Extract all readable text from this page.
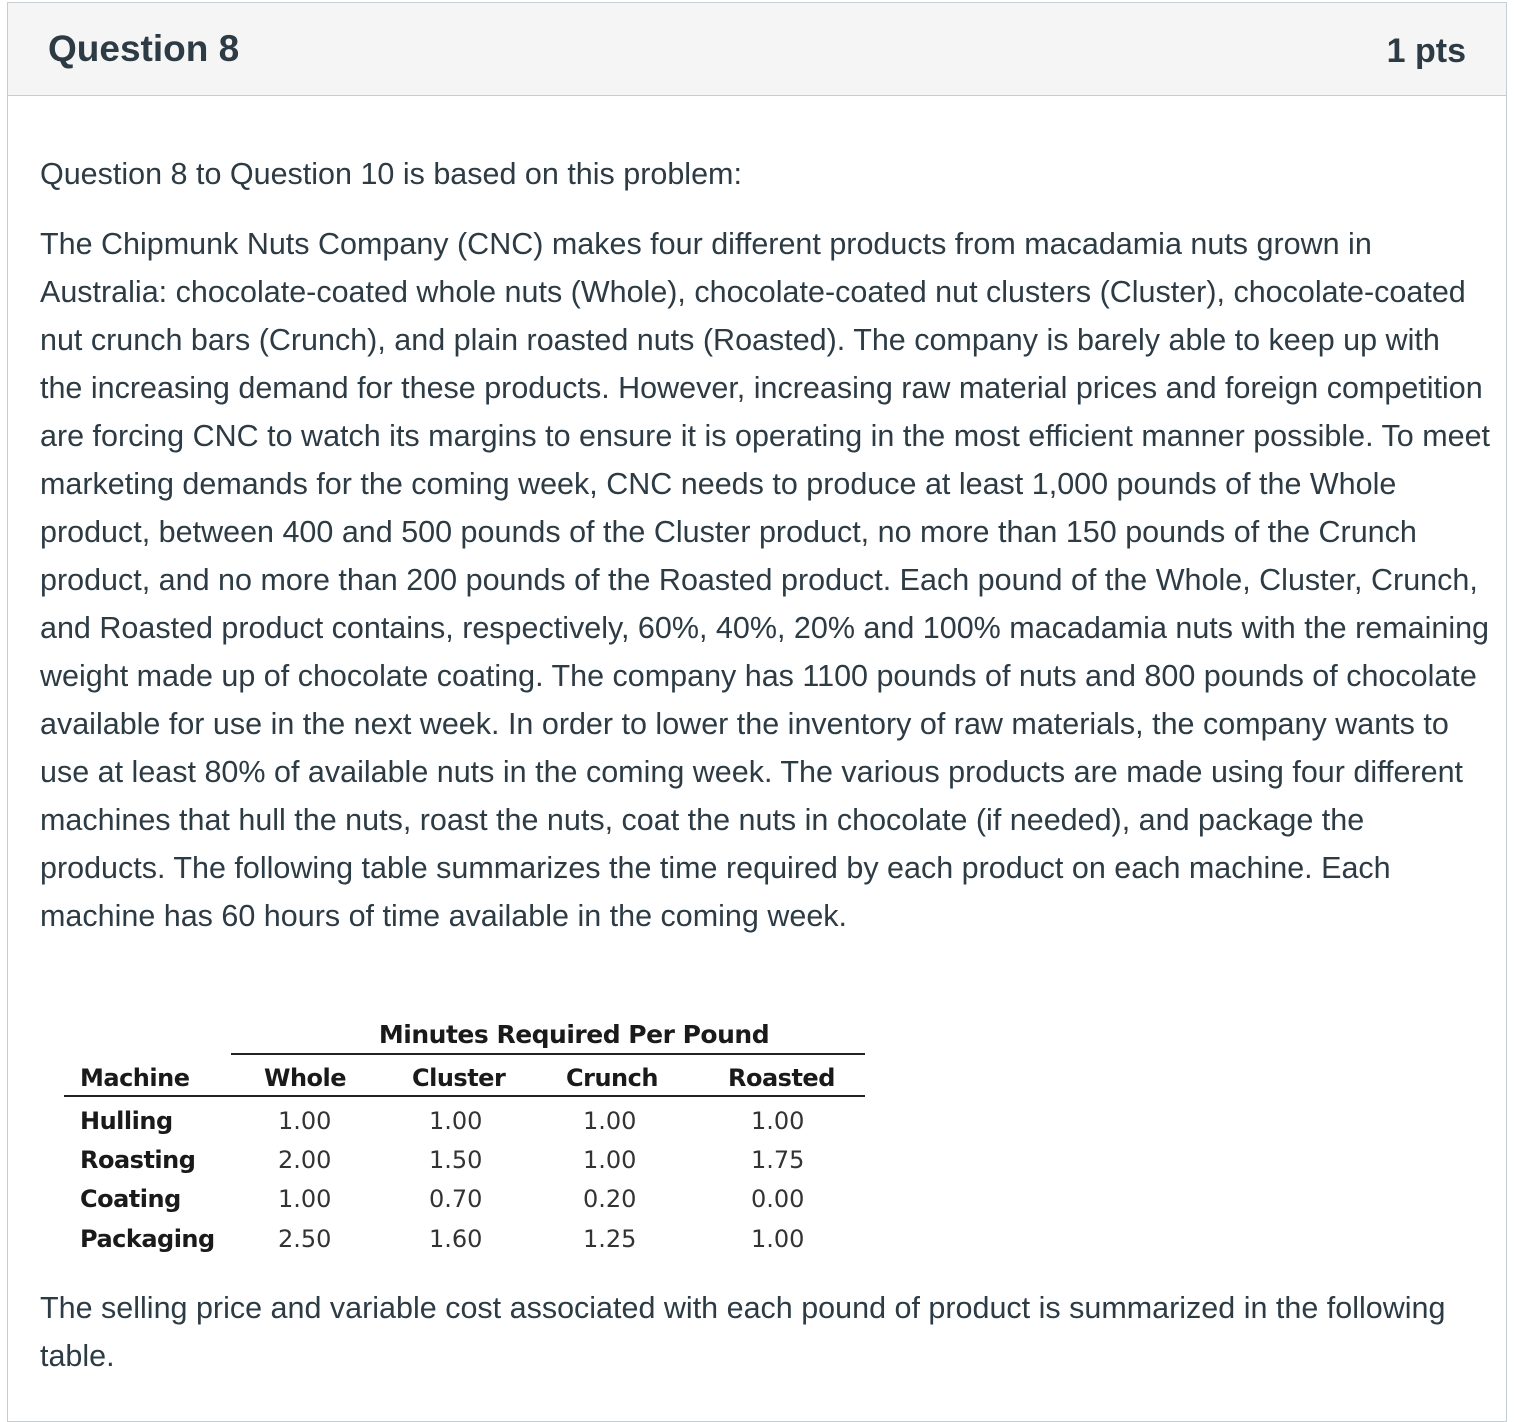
Question 8	1 pts

Question 8 to Question 10 is based on this problem:

The Chipmunk Nuts Company (CNC) makes four different products from macadamia nuts grown in Australia: chocolate-coated whole nuts (Whole), chocolate-coated nut clusters (Cluster), chocolate-coated nut crunch bars (Crunch), and plain roasted nuts (Roasted). The company is barely able to keep up with the increasing demand for these products. However, increasing raw material prices and foreign competition are forcing CNC to watch its margins to ensure it is operating in the most efficient manner possible. To meet marketing demands for the coming week, CNC needs to produce at least 1,000 pounds of the Whole product, between 400 and 500 pounds of the Cluster product, no more than 150 pounds of the Crunch product, and no more than 200 pounds of the Roasted product. Each pound of the Whole, Cluster, Crunch, and Roasted product contains, respectively, 60%, 40%, 20% and 100% macadamia nuts with the remaining weight made up of chocolate coating. The company has 1100 pounds of nuts and 800 pounds of chocolate available for use in the next week. In order to lower the inventory of raw materials, the company wants to use at least 80% of available nuts in the coming week. The various products are made using four different machines that hull the nuts, roast the nuts, coat the nuts in chocolate (if needed), and package the products. The following table summarizes the time required by each product on each machine. Each machine has 60 hours of time available in the coming week.

Minutes Required Per Pound
Machine	Whole	Cluster	Crunch	Roasted
Hulling	1.00	1.00	1.00	1.00
Roasting	2.00	1.50	1.00	1.75
Coating	1.00	0.70	0.20	0.00
Packaging	2.50	1.60	1.25	1.00

The selling price and variable cost associated with each pound of product is summarized in the following table.
